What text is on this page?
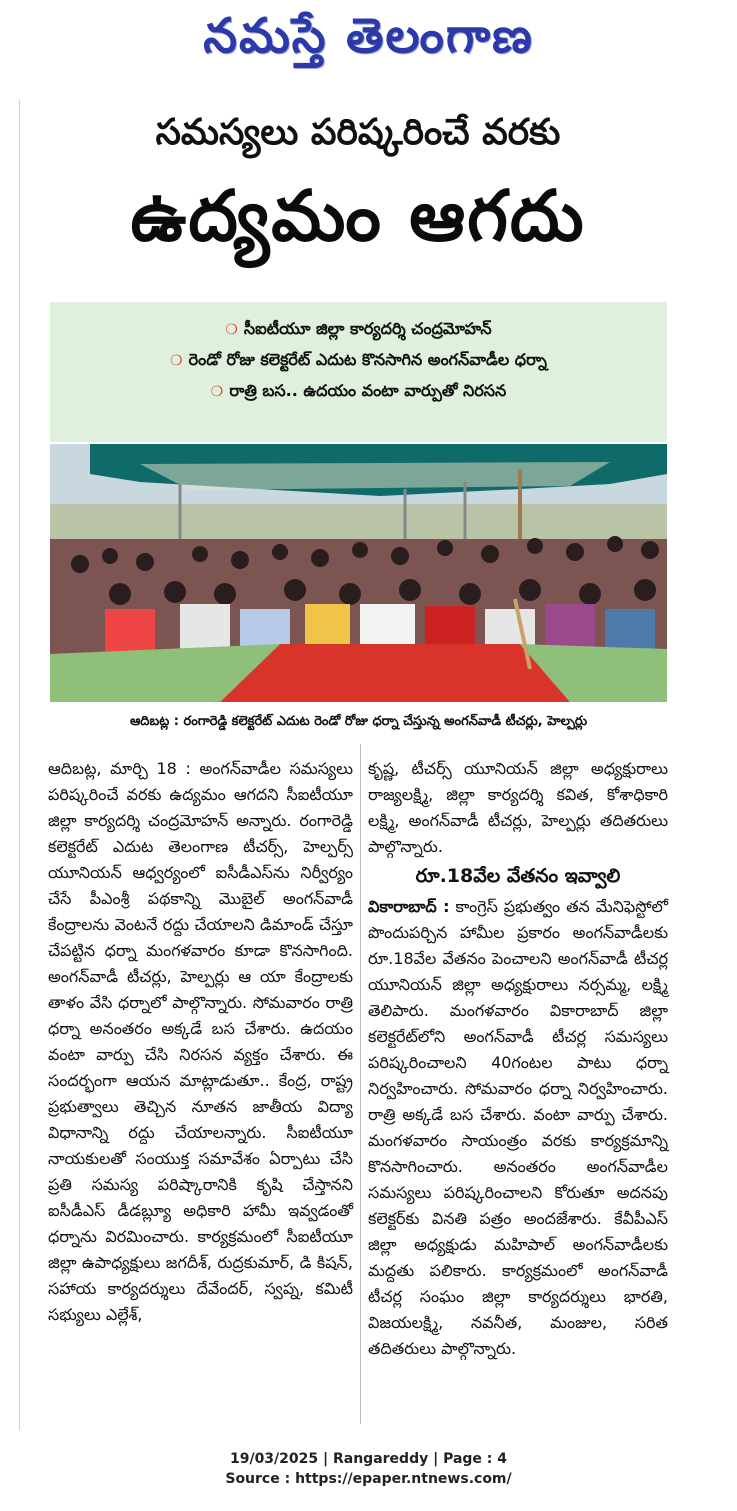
నమస్తే తెలంగాణ
సమస్యలు పరిష్కరించే వరకు
ఉద్యమం ఆగదు
❍ సీఐటీయూ జిల్లా కార్యదర్శి చంద్రమోహన్
❍ రెండో రోజు కలెక్టరేట్ ఎదుట కొనసాగిన అంగన్‌వాడీల ధర్నా
❍ రాత్రి బస.. ఉదయం వంటా వార్పుతో నిరసన
ఆదిబట్ల : రంగారెడ్డి కలెక్టరేట్ ఎదుట రెండో రోజు ధర్నా చేస్తున్న అంగన్‌వాడీ టీచర్లు, హెల్పర్లు

ఆదిబట్ల, మార్చి 18 : అంగన్‌వాడీల సమస్యలు పరిష్కరించే వరకు ఉద్యమం ఆగదని సీఐటీయూ జిల్లా కార్యదర్శి చంద్రమోహన్ అన్నారు. రంగారెడ్డి కలెక్టరేట్ ఎదుట తెలంగాణ టీచర్స్, హెల్పర్స్ యూనియన్ ఆధ్వర్యంలో ఐసీడీఎస్‌ను నిర్వీర్యం చేసే పీఎంశ్రీ పథకాన్ని మొబైల్ అంగన్‌వాడీ కేంద్రాలను వెంటనే రద్దు చేయాలని డిమాండ్ చేస్తూ చేపట్టిన ధర్నా మంగళవారం కూడా కొనసాగింది. అంగన్‌వాడీ టీచర్లు, హెల్పర్లు ఆ యా కేంద్రాలకు తాళం వేసి ధర్నాలో పాల్గొన్నారు. సోమవారం రాత్రి ధర్నా అనంతరం అక్కడే బస చేశారు. ఉదయం వంటా వార్పు చేసి నిరసన వ్యక్తం చేశారు. ఈ సందర్భంగా ఆయన మాట్లాడుతూ.. కేంద్ర, రాష్ట్ర ప్రభుత్వాలు తెచ్చిన నూతన జాతీయ విద్యా విధానాన్ని రద్దు చేయాలన్నారు. సీఐటీయూ నాయకులతో సంయుక్త సమావేశం ఏర్పాటు చేసి ప్రతి సమస్య పరిష్కారానికి కృషి చేస్తానని ఐసీడీఎస్ డీడబ్ల్యూ అధికారి హామీ ఇవ్వడంతో ధర్నాను విరమించారు. కార్యక్రమంలో సీఐటీయూ జిల్లా ఉపాధ్యక్షులు జగదీశ్, రుద్రకుమార్, డి కిషన్, సహాయ కార్యదర్శులు దేవేందర్, స్వప్న, కమిటీ సభ్యులు ఎల్లేశ్,

కృష్ణ, టీచర్స్ యూనియన్ జిల్లా అధ్యక్షురాలు రాజ్యలక్ష్మి, జిల్లా కార్యదర్శి కవిత, కోశాధికారి లక్ష్మి, అంగన్‌వాడీ టీచర్లు, హెల్పర్లు తదితరులు పాల్గొన్నారు.

రూ.18వేల వేతనం ఇవ్వాలి

వికారాబాద్ : కాంగ్రెస్ ప్రభుత్వం తన మేనిఫెస్టోలో పొందుపర్చిన హామీల ప్రకారం అంగన్‌వాడీలకు రూ.18వేల వేతనం పెంచాలని అంగన్‌వాడీ టీచర్ల యూనియన్ జిల్లా అధ్యక్షురాలు నర్సమ్మ, లక్ష్మి తెలిపారు. మంగళవారం వికారాబాద్ జిల్లా కలెక్టరేట్‌లోని అంగన్‌వాడీ టీచర్ల సమస్యలు పరిష్కరించాలని 40గంటల పాటు ధర్నా నిర్వహించారు. సోమవారం ధర్నా నిర్వహించారు. రాత్రి అక్కడే బస చేశారు. వంటా వార్పు చేశారు. మంగళవారం సాయంత్రం వరకు కార్యక్రమాన్ని కొనసాగించారు. అనంతరం అంగన్‌వాడీల సమస్యలు పరిష్కరించాలని కోరుతూ అదనపు కలెక్టర్‌కు వినతి పత్రం అందజేశారు. కేవీపీఎస్ జిల్లా అధ్యక్షుడు మహిపాల్ అంగన్‌వాడీలకు మద్దతు పలికారు. కార్యక్రమంలో అంగన్‌వాడీ టీచర్ల సంఘం జిల్లా కార్యదర్శులు భారతి, విజయలక్ష్మి, నవనీత, మంజుల, సరిత తదితరులు పాల్గొన్నారు.

19/03/2025 | Rangareddy | Page : 4
Source : https://epaper.ntnews.com/
